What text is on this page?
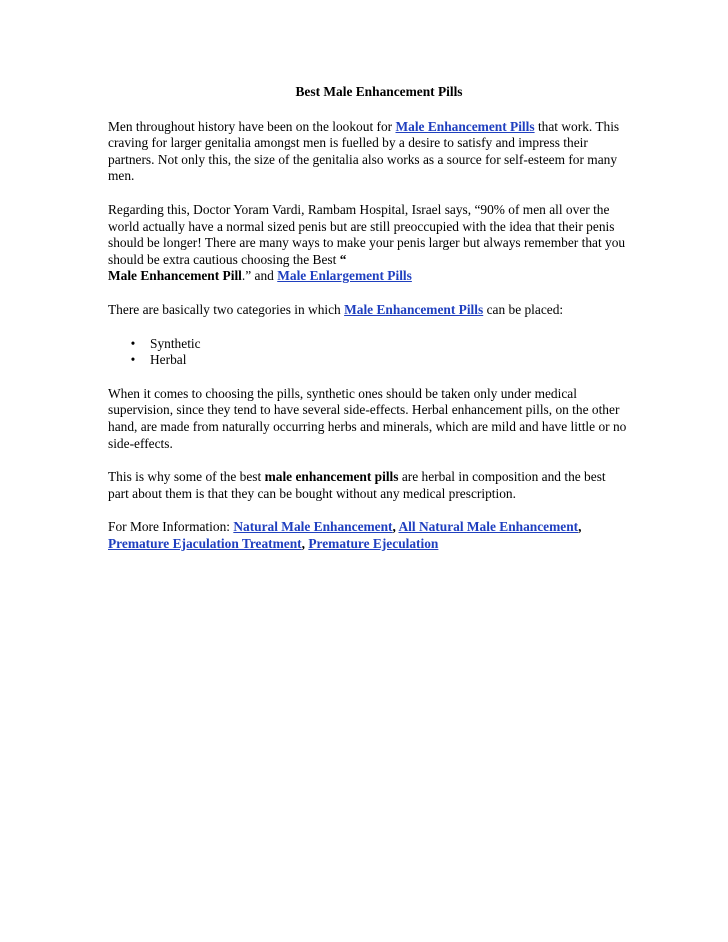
Best Male Enhancement Pills

Men throughout history have been on the lookout for Male Enhancement Pills that work. This craving for larger genitalia amongst men is fuelled by a desire to satisfy and impress their partners. Not only this, the size of the genitalia also works as a source for self-esteem for many men.

Regarding this, Doctor Yoram Vardi, Rambam Hospital, Israel says, “90% of men all over the world actually have a normal sized penis but are still preoccupied with the idea that their penis should be longer! There are many ways to make your penis larger but always remember that you should be extra cautious choosing the Best “
Male Enhancement Pill.” and Male Enlargement Pills

There are basically two categories in which Male Enhancement Pills can be placed:

• Synthetic
• Herbal

When it comes to choosing the pills, synthetic ones should be taken only under medical supervision, since they tend to have several side-effects. Herbal enhancement pills, on the other hand, are made from naturally occurring herbs and minerals, which are mild and have little or no side-effects.

This is why some of the best male enhancement pills are herbal in composition and the best part about them is that they can be bought without any medical prescription.

For More Information: Natural Male Enhancement, All Natural Male Enhancement, Premature Ejaculation Treatment, Premature Ejeculation
